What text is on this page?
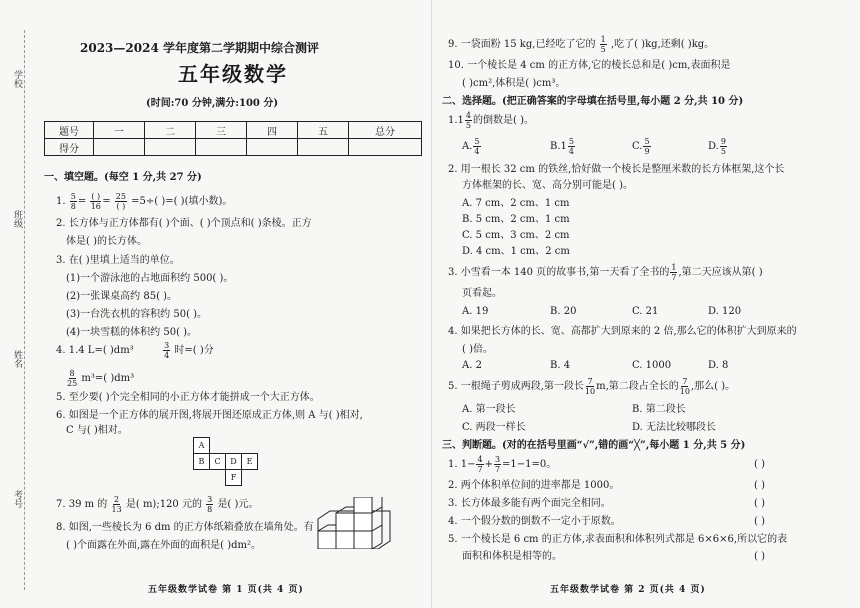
学校
班级
姓名
考号
2023—2024 学年度第二学期期中综合测评
五年级数学
(时间:70 分钟,满分:100 分)
题号	一	二	三	四	五	总分
得分						
一、填空题。(每空 1 分,共 27 分)
1. $\frac{5}{8} = \frac{( )}{16} = \frac{25}{( )} =5\div$( )=( )(填小数)。
2. 长方体与正方体都有( )个面、( )个顶点和( )条棱。正方
体是( )的长方体。
3. 在( )里填上适当的单位。
(1)一个游泳池的占地面积约 500( )。
(2)一张课桌高约 85( )。
(3)一台洗衣机的容积约 50( )。
(4)一块雪糕的体积约 50( )。
4. 1.4 L=( )dm³	$\frac{3}{4}$ 时=( )分
$\frac{8}{25} m^3=$( )dm³
5. 至少要( )个完全相同的小正方体才能拼成一个大正方体。
6. 如图是一个正方体的展开图,将展开图还原成正方体,则 A 与( )相对,
C 与( )相对。
A
B	C	D	E
F
7. 39 m 的 $\frac{2}{13}$ 是( m);120 元的 $\frac{3}{8}$ 是( )元。
8. 如图,一些棱长为 6 dm 的正方体纸箱叠放在墙角处。有
( )个面露在外面,露在外面的面积是( )dm²。
五年级数学试卷 第 1 页(共 4 页)
9. 一袋面粉 15 kg,已经吃了它的 $\frac{1}{5}$ ,吃了( )kg,还剩( )kg。
10. 一个棱长是 4 cm 的正方体,它的棱长总和是( )cm,表面积是
( )cm²,体积是( )cm³。
二、选择题。(把正确答案的字母填在括号里,每小题 2 分,共 10 分)
$1.1 \frac{4}{5}$ 的倒数是( )。
A. $\frac{5}{4}$	$B.1 \frac{5}{4}$	C. $\frac{5}{9}$	D. $\frac{9}{5}$
2. 用一根长 32 cm 的铁丝,恰好做一个棱长是整厘米数的长方体框架,这个长
方体框架的长、宽、高分别可能是( )。
A. 7 cm、2 cm、1 cm
B. 5 cm、2 cm、1 cm
C. 5 cm、3 cm、2 cm
D. 4 cm、1 cm、2 cm
3. 小雪看一本 140 页的故事书,第一天看了全书的 $\frac{1}{7}$ ,第二天应该从第( )
页看起。
A. 19	B. 20	C. 21	D. 120
4. 如果把长方体的长、宽、高都扩大到原来的 2 倍,那么它的体积扩大到原来的
( )倍。
A. 2	B. 4	C. 1000	D. 8
5. 一根绳子剪成两段,第一段长 $\frac{7}{10} m$,第二段占全长的 $\frac{7}{10}$ ,那么( )。
A. 第一段长	B. 第二段长
C. 两段一样长	D. 无法比较哪段长
三、判断题。(对的在括号里画“√”,错的画“╳”,每小题 1 分,共 5 分)
1. $1- \frac{4}{7} + \frac{3}{7} =1-1=0$。	( )
2. 两个体积单位间的进率都是 1000。	( )
3. 长方体最多能有两个面完全相同。	( )
4. 一个假分数的倒数不一定小于原数。	( )
5. 一个棱长是 6 cm 的正方体,求表面积和体积列式都是 6×6×6,所以它的表
面积和体积是相等的。	( )
五年级数学试卷 第 2 页(共 4 页)
